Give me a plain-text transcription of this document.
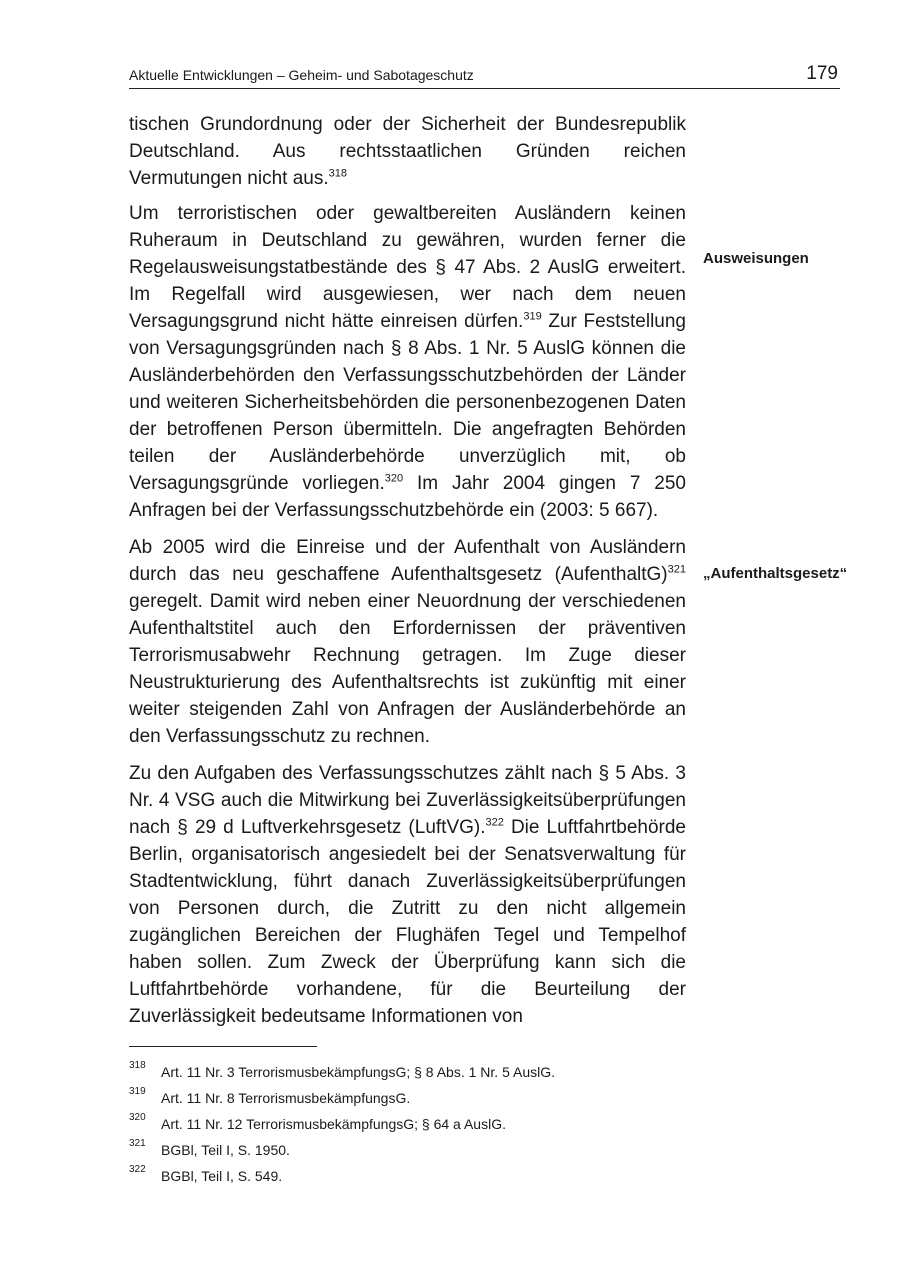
Aktuelle Entwicklungen – Geheim- und Sabotageschutz	179

tischen Grundordnung oder der Sicherheit der Bundesrepublik Deutschland. Aus rechtsstaatlichen Gründen reichen Vermutungen nicht aus.$^{318}$

Um terroristischen oder gewaltbereiten Ausländern keinen Ruheraum in Deutschland zu gewähren, wurden ferner die Regelausweisungstatbestände des § 47 Abs. 2 AuslG erweitert. Im Regelfall wird ausgewiesen, wer nach dem neuen Versagungsgrund nicht hätte einreisen dürfen.$^{319}$ Zur Feststellung von Versagungsgründen nach § 8 Abs. 1 Nr. 5 AuslG können die Ausländerbehörden den Verfassungsschutzbehörden der Länder und weiteren Sicherheitsbehörden die personenbezogenen Daten der betroffenen Person übermitteln. Die angefragten Behörden teilen der Ausländerbehörde unverzüglich mit, ob Versagungsgründe vorliegen.$^{320}$ Im Jahr 2004 gingen 7 250 Anfragen bei der Verfassungsschutzbehörde ein (2003: 5 667).

Ab 2005 wird die Einreise und der Aufenthalt von Ausländern durch das neu geschaffene Aufenthaltsgesetz (AufenthaltG)$^{321}$ geregelt. Damit wird neben einer Neuordnung der verschiedenen Aufenthaltstitel auch den Erfordernissen der präventiven Terrorismusabwehr Rechnung getragen. Im Zuge dieser Neustrukturierung des Aufenthaltsrechts ist zukünftig mit einer weiter steigenden Zahl von Anfragen der Ausländerbehörde an den Verfassungsschutz zu rechnen.

Zu den Aufgaben des Verfassungsschutzes zählt nach § 5 Abs. 3 Nr. 4 VSG auch die Mitwirkung bei Zuverlässigkeitsüberprüfungen nach § 29 d Luftverkehrsgesetz (LuftVG).$^{322}$ Die Luftfahrtbehörde Berlin, organisatorisch angesiedelt bei der Senatsverwaltung für Stadtentwicklung, führt danach Zuverlässigkeitsüberprüfungen von Personen durch, die Zutritt zu den nicht allgemein zugänglichen Bereichen der Flughäfen Tegel und Tempelhof haben sollen. Zum Zweck der Überprüfung kann sich die Luftfahrtbehörde vorhandene, für die Beurteilung der Zuverlässigkeit bedeutsame Informationen von

Ausweisungen
„Aufenthaltsgesetz“
318 Art. 11 Nr. 3 TerrorismusbekämpfungsG; § 8 Abs. 1 Nr. 5 AuslG.
319 Art. 11 Nr. 8 TerrorismusbekämpfungsG.
320 Art. 11 Nr. 12 TerrorismusbekämpfungsG; § 64 a AuslG.
321 BGBl, Teil I, S. 1950.
322 BGBl, Teil I, S. 549.
